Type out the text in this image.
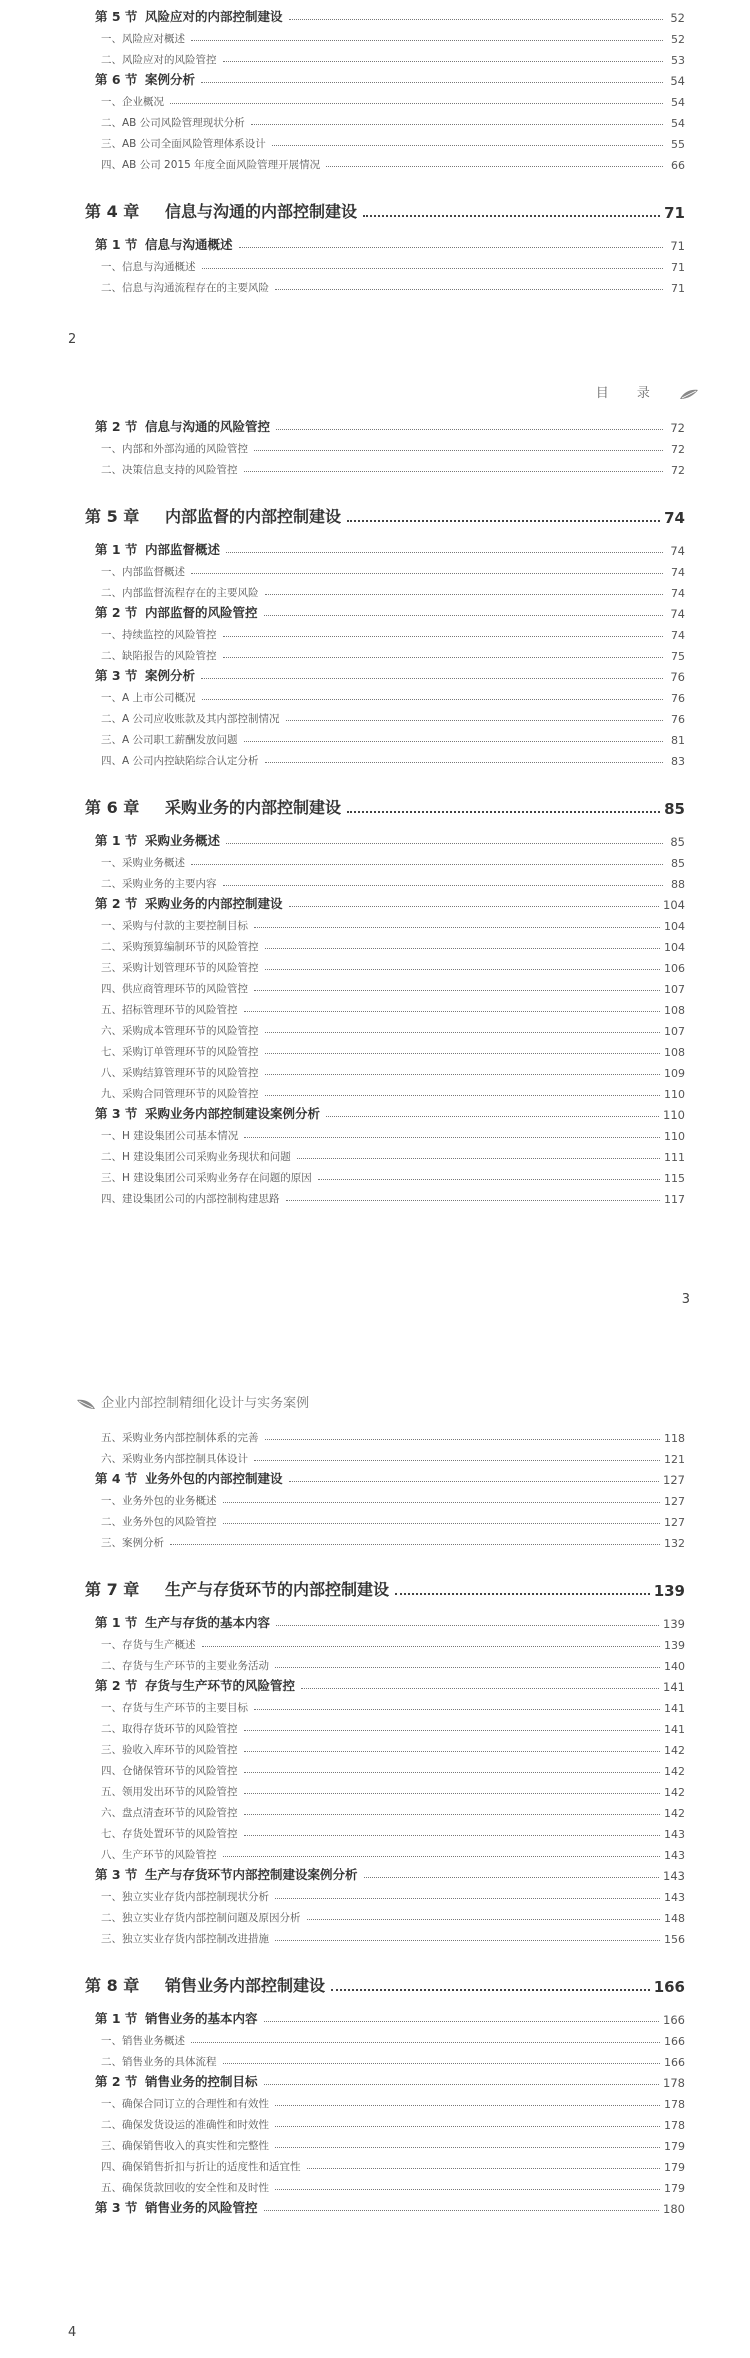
第 5 节 风险应对的内部控制建设	52
一、风险应对概述	52
二、风险应对的风险管控	53
第 6 节 案例分析	54
一、企业概况	54
二、AB 公司风险管理现状分析	54
三、AB 公司全面风险管理体系设计	55
四、AB 公司 2015 年度全面风险管理开展情况	66
第 4 章	信息与沟通的内部控制建设	71
第 1 节 信息与沟通概述	71
一、信息与沟通概述	71
二、信息与沟通流程存在的主要风险	71
2
目 录
第 2 节 信息与沟通的风险管控	72
一、内部和外部沟通的风险管控	72
二、决策信息支持的风险管控	72
第 5 章	内部监督的内部控制建设	74
第 1 节 内部监督概述	74
一、内部监督概述	74
二、内部监督流程存在的主要风险	74
第 2 节 内部监督的风险管控	74
一、持续监控的风险管控	74
二、缺陷报告的风险管控	75
第 3 节 案例分析	76
一、A 上市公司概况	76
二、A 公司应收账款及其内部控制情况	76
三、A 公司职工薪酬发放问题	81
四、A 公司内控缺陷综合认定分析	83
第 6 章	采购业务的内部控制建设	85
第 1 节 采购业务概述	85
一、采购业务概述	85
二、采购业务的主要内容	88
第 2 节 采购业务的内部控制建设	104
一、采购与付款的主要控制目标	104
二、采购预算编制环节的风险管控	104
三、采购计划管理环节的风险管控	106
四、供应商管理环节的风险管控	107
五、招标管理环节的风险管控	108
六、采购成本管理环节的风险管控	107
七、采购订单管理环节的风险管控	108
八、采购结算管理环节的风险管控	109
九、采购合同管理环节的风险管控	110
第 3 节 采购业务内部控制建设案例分析	110
一、H 建设集团公司基本情况	110
二、H 建设集团公司采购业务现状和问题	111
三、H 建设集团公司采购业务存在问题的原因	115
四、建设集团公司的内部控制构建思路	117
3
企业内部控制精细化设计与实务案例
五、采购业务内部控制体系的完善	118
六、采购业务内部控制具体设计	121
第 4 节 业务外包的内部控制建设	127
一、业务外包的业务概述	127
二、业务外包的风险管控	127
三、案例分析	132
第 7 章	生产与存货环节的内部控制建设	139
第 1 节 生产与存货的基本内容	139
一、存货与生产概述	139
二、存货与生产环节的主要业务活动	140
第 2 节 存货与生产环节的风险管控	141
一、存货与生产环节的主要目标	141
二、取得存货环节的风险管控	141
三、验收入库环节的风险管控	142
四、仓储保管环节的风险管控	142
五、领用发出环节的风险管控	142
六、盘点清查环节的风险管控	142
七、存货处置环节的风险管控	143
八、生产环节的风险管控	143
第 3 节 生产与存货环节内部控制建设案例分析	143
一、独立实业存货内部控制现状分析	143
二、独立实业存货内部控制问题及原因分析	148
三、独立实业存货内部控制改进措施	156
第 8 章	销售业务内部控制建设	166
第 1 节 销售业务的基本内容	166
一、销售业务概述	166
二、销售业务的具体流程	166
第 2 节 销售业务的控制目标	178
一、确保合同订立的合理性和有效性	178
二、确保发货设运的准确性和时效性	178
三、确保销售收入的真实性和完整性	179
四、确保销售折扣与折让的适度性和适宜性	179
五、确保货款回收的安全性和及时性	179
第 3 节 销售业务的风险管控	180
4
